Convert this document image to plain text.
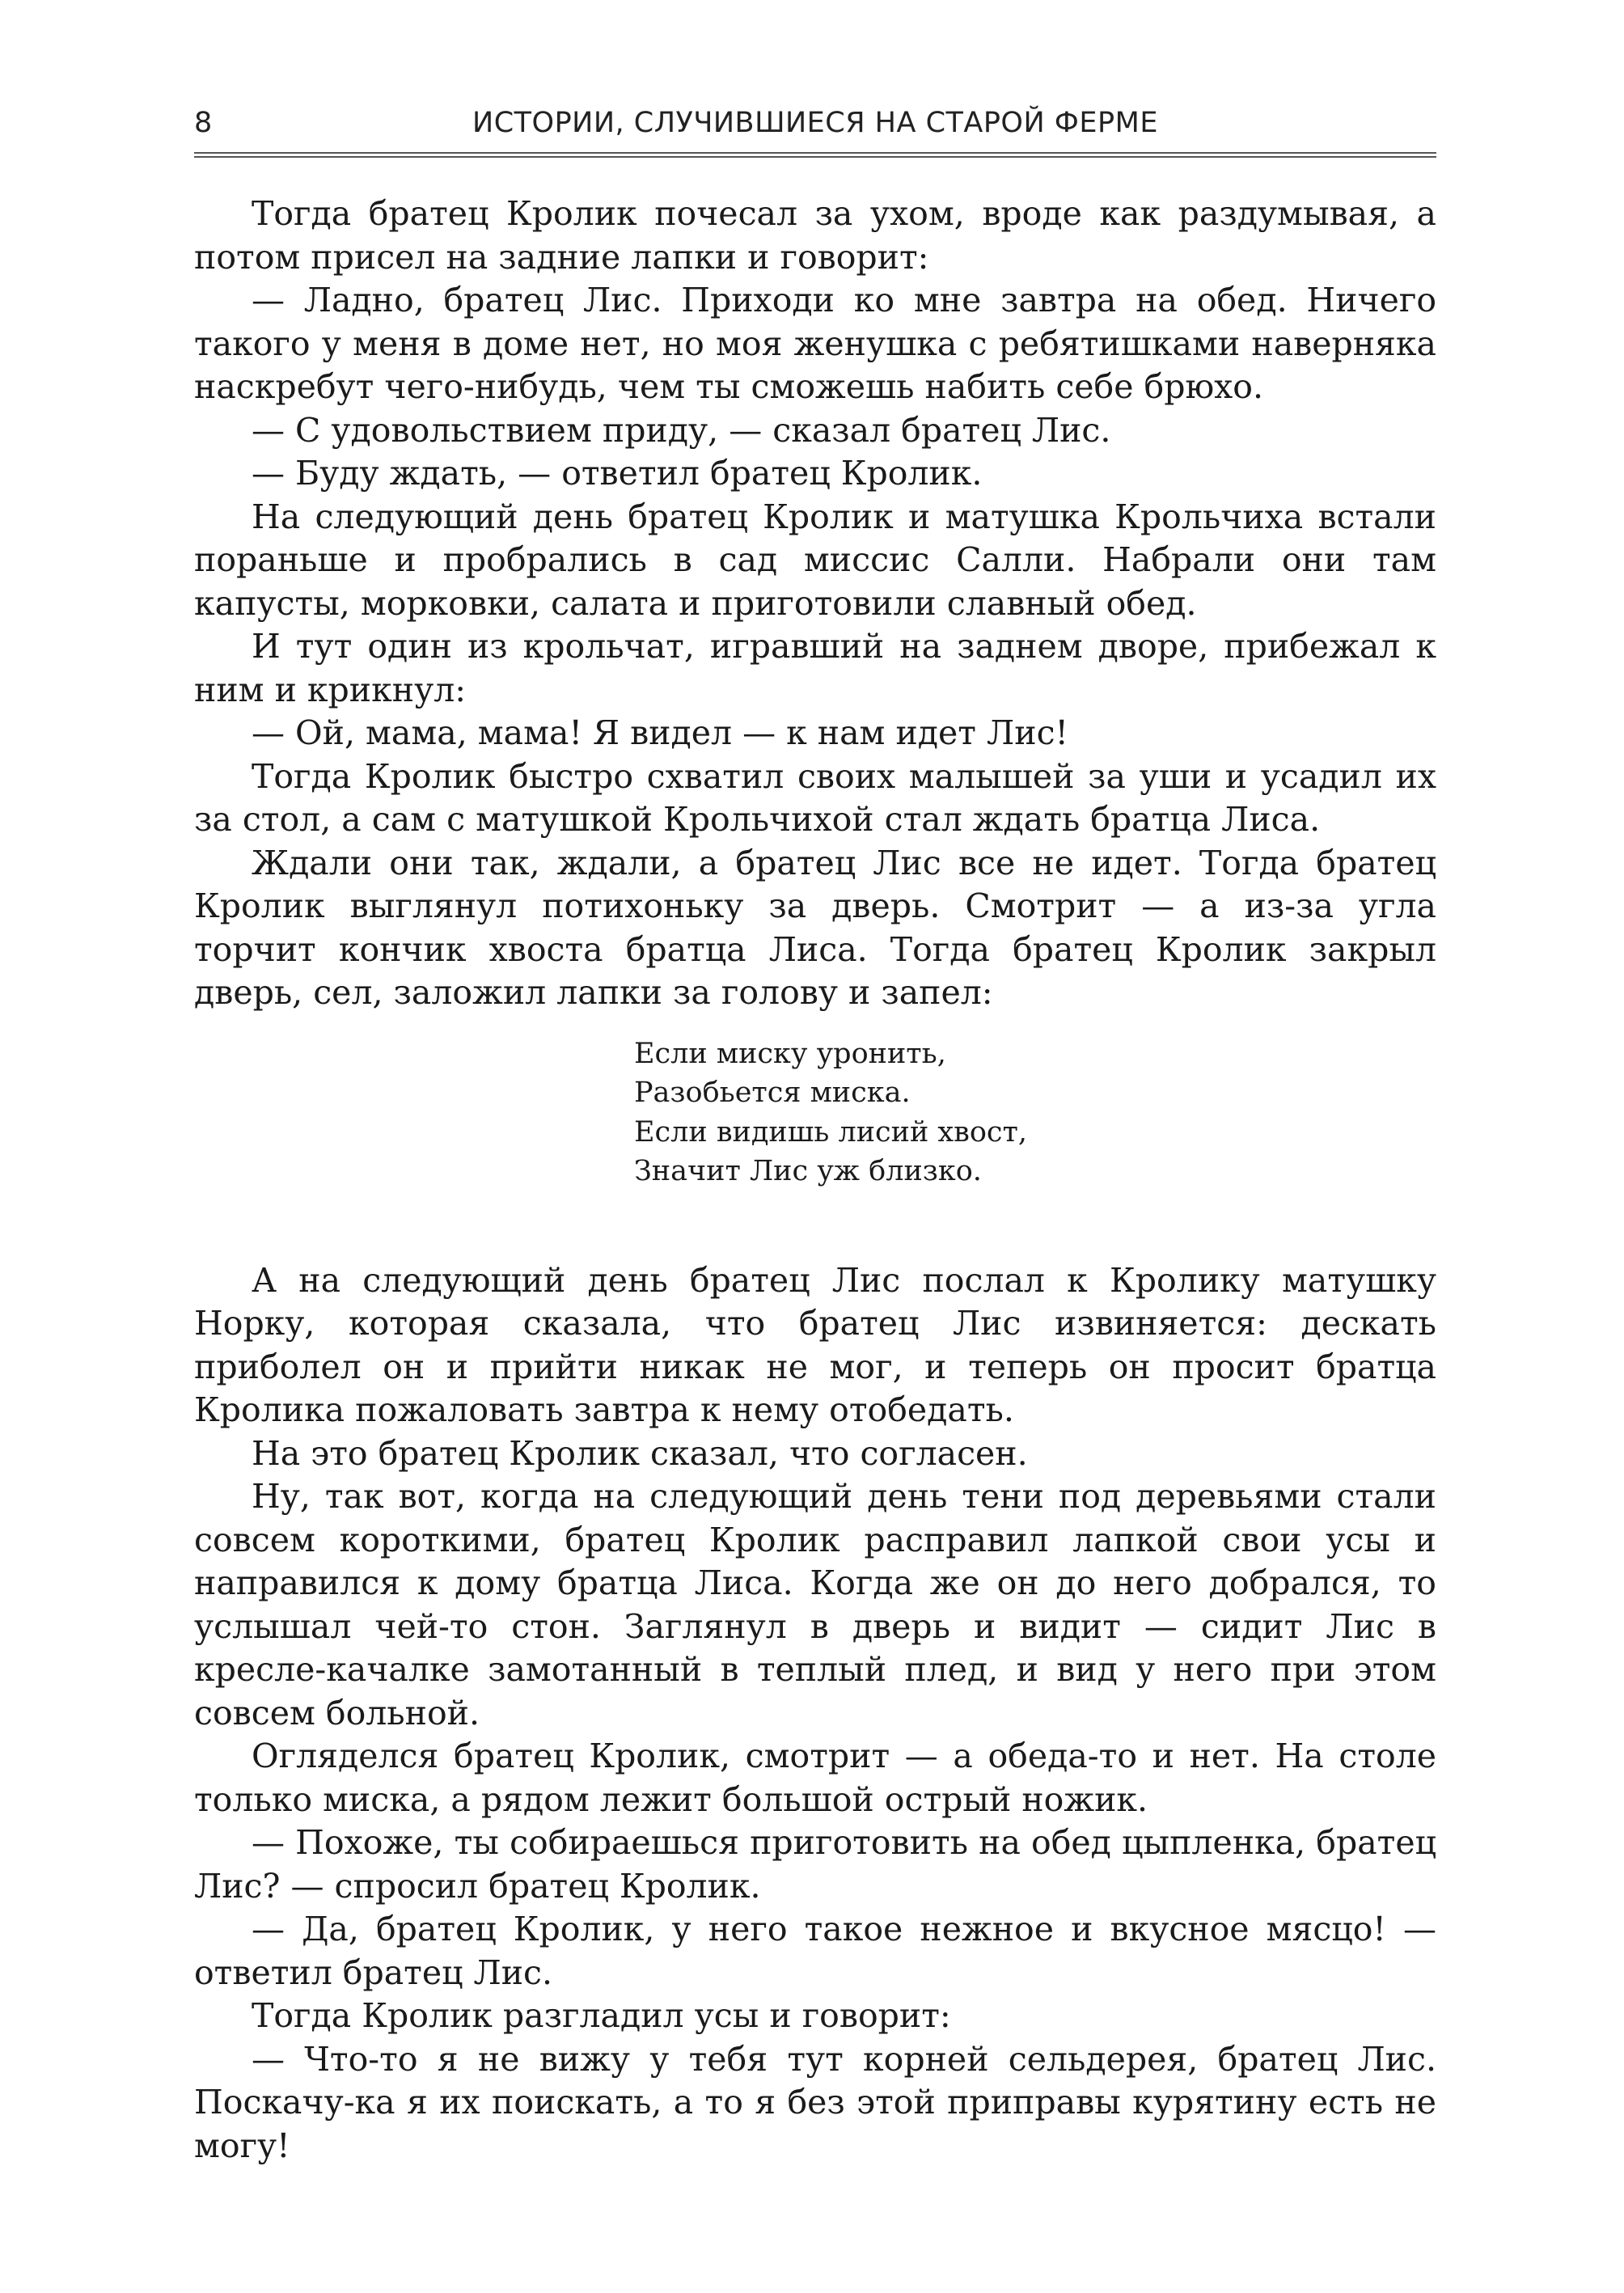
8	ИСТОРИИ, СЛУЧИВШИЕСЯ НА СТАРОЙ ФЕРМЕ

Тогда братец Кролик почесал за ухом, вроде как раздумывая, а потом присел на задние лапки и говорит:

— Ладно, братец Лис. Приходи ко мне завтра на обед. Ничего такого у меня в доме нет, но моя женушка с ребятишками наверняка наскребут чего-нибудь, чем ты сможешь набить себе брюхо.

— С удовольствием приду, — сказал братец Лис.

— Буду ждать, — ответил братец Кролик.

На следующий день братец Кролик и матушка Крольчиха встали пораньше и пробрались в сад миссис Салли. Набрали они там капусты, морковки, салата и приготовили славный обед.

И тут один из крольчат, игравший на заднем дворе, прибежал к ним и крикнул:

— Ой, мама, мама! Я видел — к нам идет Лис!

Тогда Кролик быстро схватил своих малышей за уши и усадил их за стол, а сам с матушкой Крольчихой стал ждать братца Лиса.

Ждали они так, ждали, а братец Лис все не идет. Тогда братец Кролик выглянул потихоньку за дверь. Смотрит — а из-за угла торчит кончик хвоста братца Лиса. Тогда братец Кролик закрыл дверь, сел, заложил лапки за голову и запел:

Если миску уронить,
Разобьется миска.
Если видишь лисий хвост,
Значит Лис уж близко.

А на следующий день братец Лис послал к Кролику матушку Норку, которая сказала, что братец Лис извиняется: дескать приболел он и прийти никак не мог, и теперь он просит братца Кролика пожаловать завтра к нему отобедать.

На это братец Кролик сказал, что согласен.

Ну, так вот, когда на следующий день тени под деревьями стали совсем короткими, братец Кролик расправил лапкой свои усы и направился к дому братца Лиса. Когда же он до него добрался, то услышал чей-то стон. Заглянул в дверь и видит — сидит Лис в кресле-качалке замотанный в теплый плед, и вид у него при этом совсем больной.

Огляделся братец Кролик, смотрит — а обеда-то и нет. На столе только миска, а рядом лежит большой острый ножик.

— Похоже, ты собираешься приготовить на обед цыпленка, братец Лис? — спросил братец Кролик.

— Да, братец Кролик, у него такое нежное и вкусное мясцо! — ответил братец Лис.

Тогда Кролик разгладил усы и говорит:

— Что-то я не вижу у тебя тут корней сельдерея, братец Лис. Поскачу-ка я их поискать, а то я без этой приправы курятину есть не могу!
